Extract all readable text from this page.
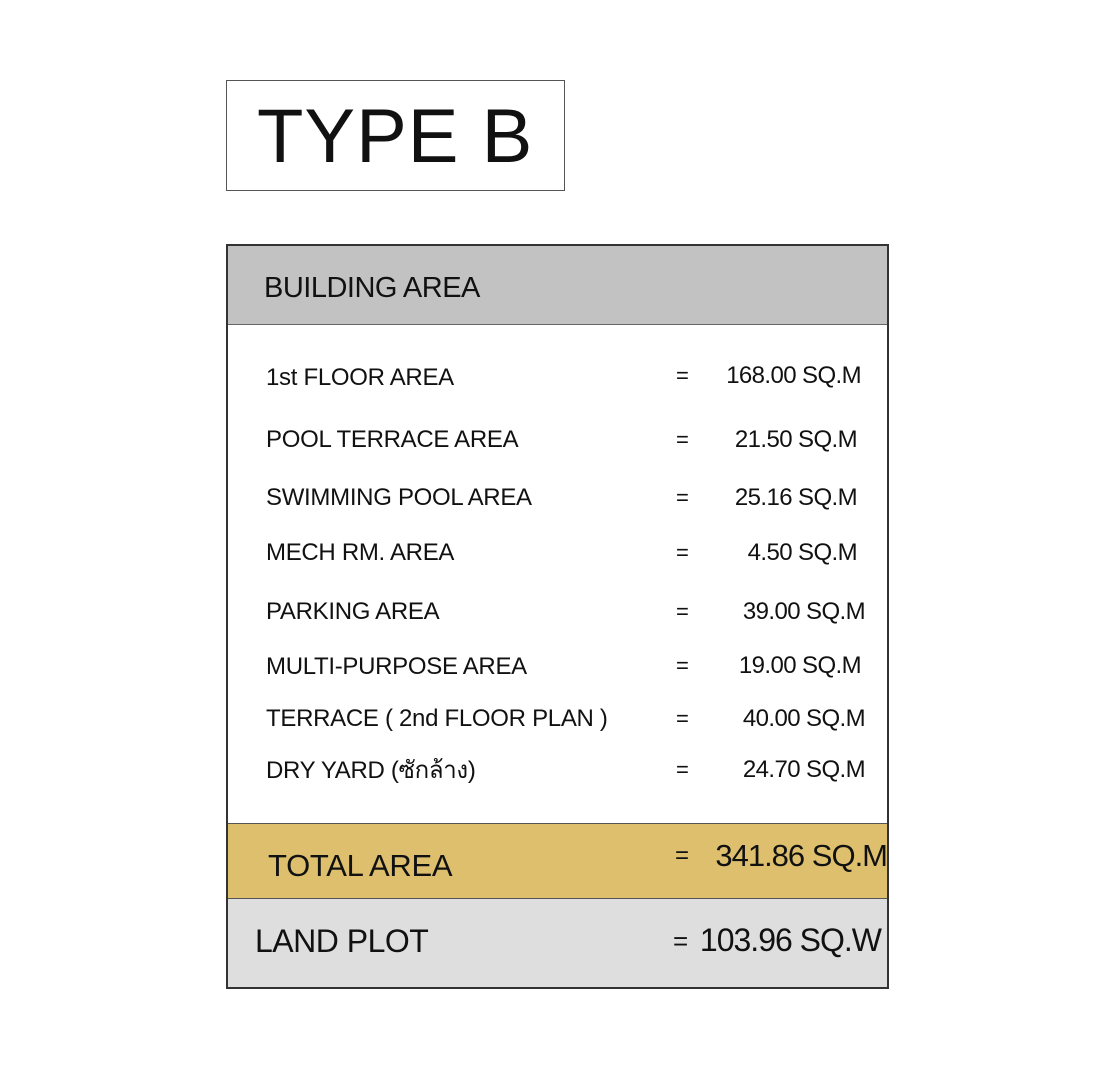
TYPE B
BUILDING AREA
1st FLOOR AREA	= 168.00 SQ.M
POOL TERRACE AREA	= 21.50 SQ.M
SWIMMING POOL AREA	= 25.16 SQ.M
MECH RM. AREA	= 4.50 SQ.M
PARKING AREA	= 39.00 SQ.M
MULTI-PURPOSE AREA	= 19.00 SQ.M
TERRACE ( 2nd FLOOR PLAN )	= 40.00 SQ.M
DRY YARD (ซักล้าง)	= 24.70 SQ.M
TOTAL AREA	= 341.86 SQ.M
LAND PLOT	= 103.96 SQ.W
